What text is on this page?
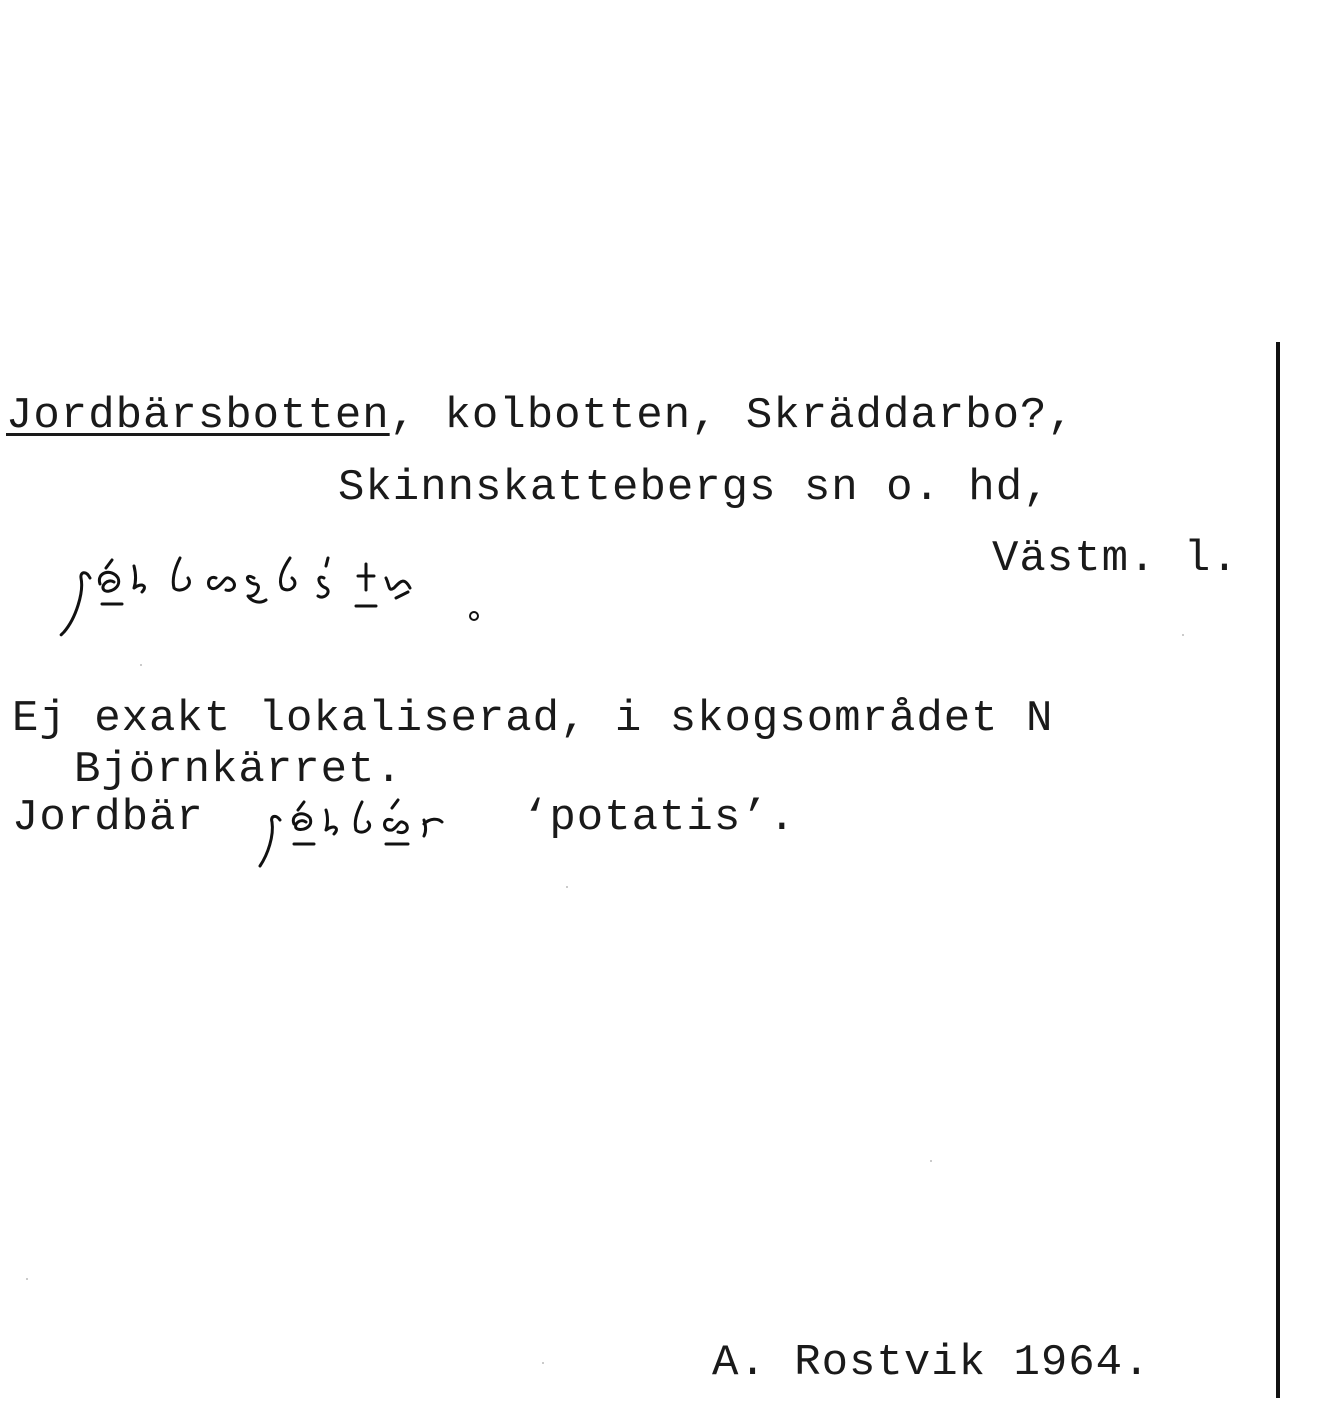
Jordbärsbotten, kolbotten, Skräddarbo?,
Skinnskattebergs sn o. hd,
Västm. l.
Ej exakt lokaliserad, i skogsområdet N
Björnkärret.
Jordbär	‘potatis’.
A. Rostvik 1964.
